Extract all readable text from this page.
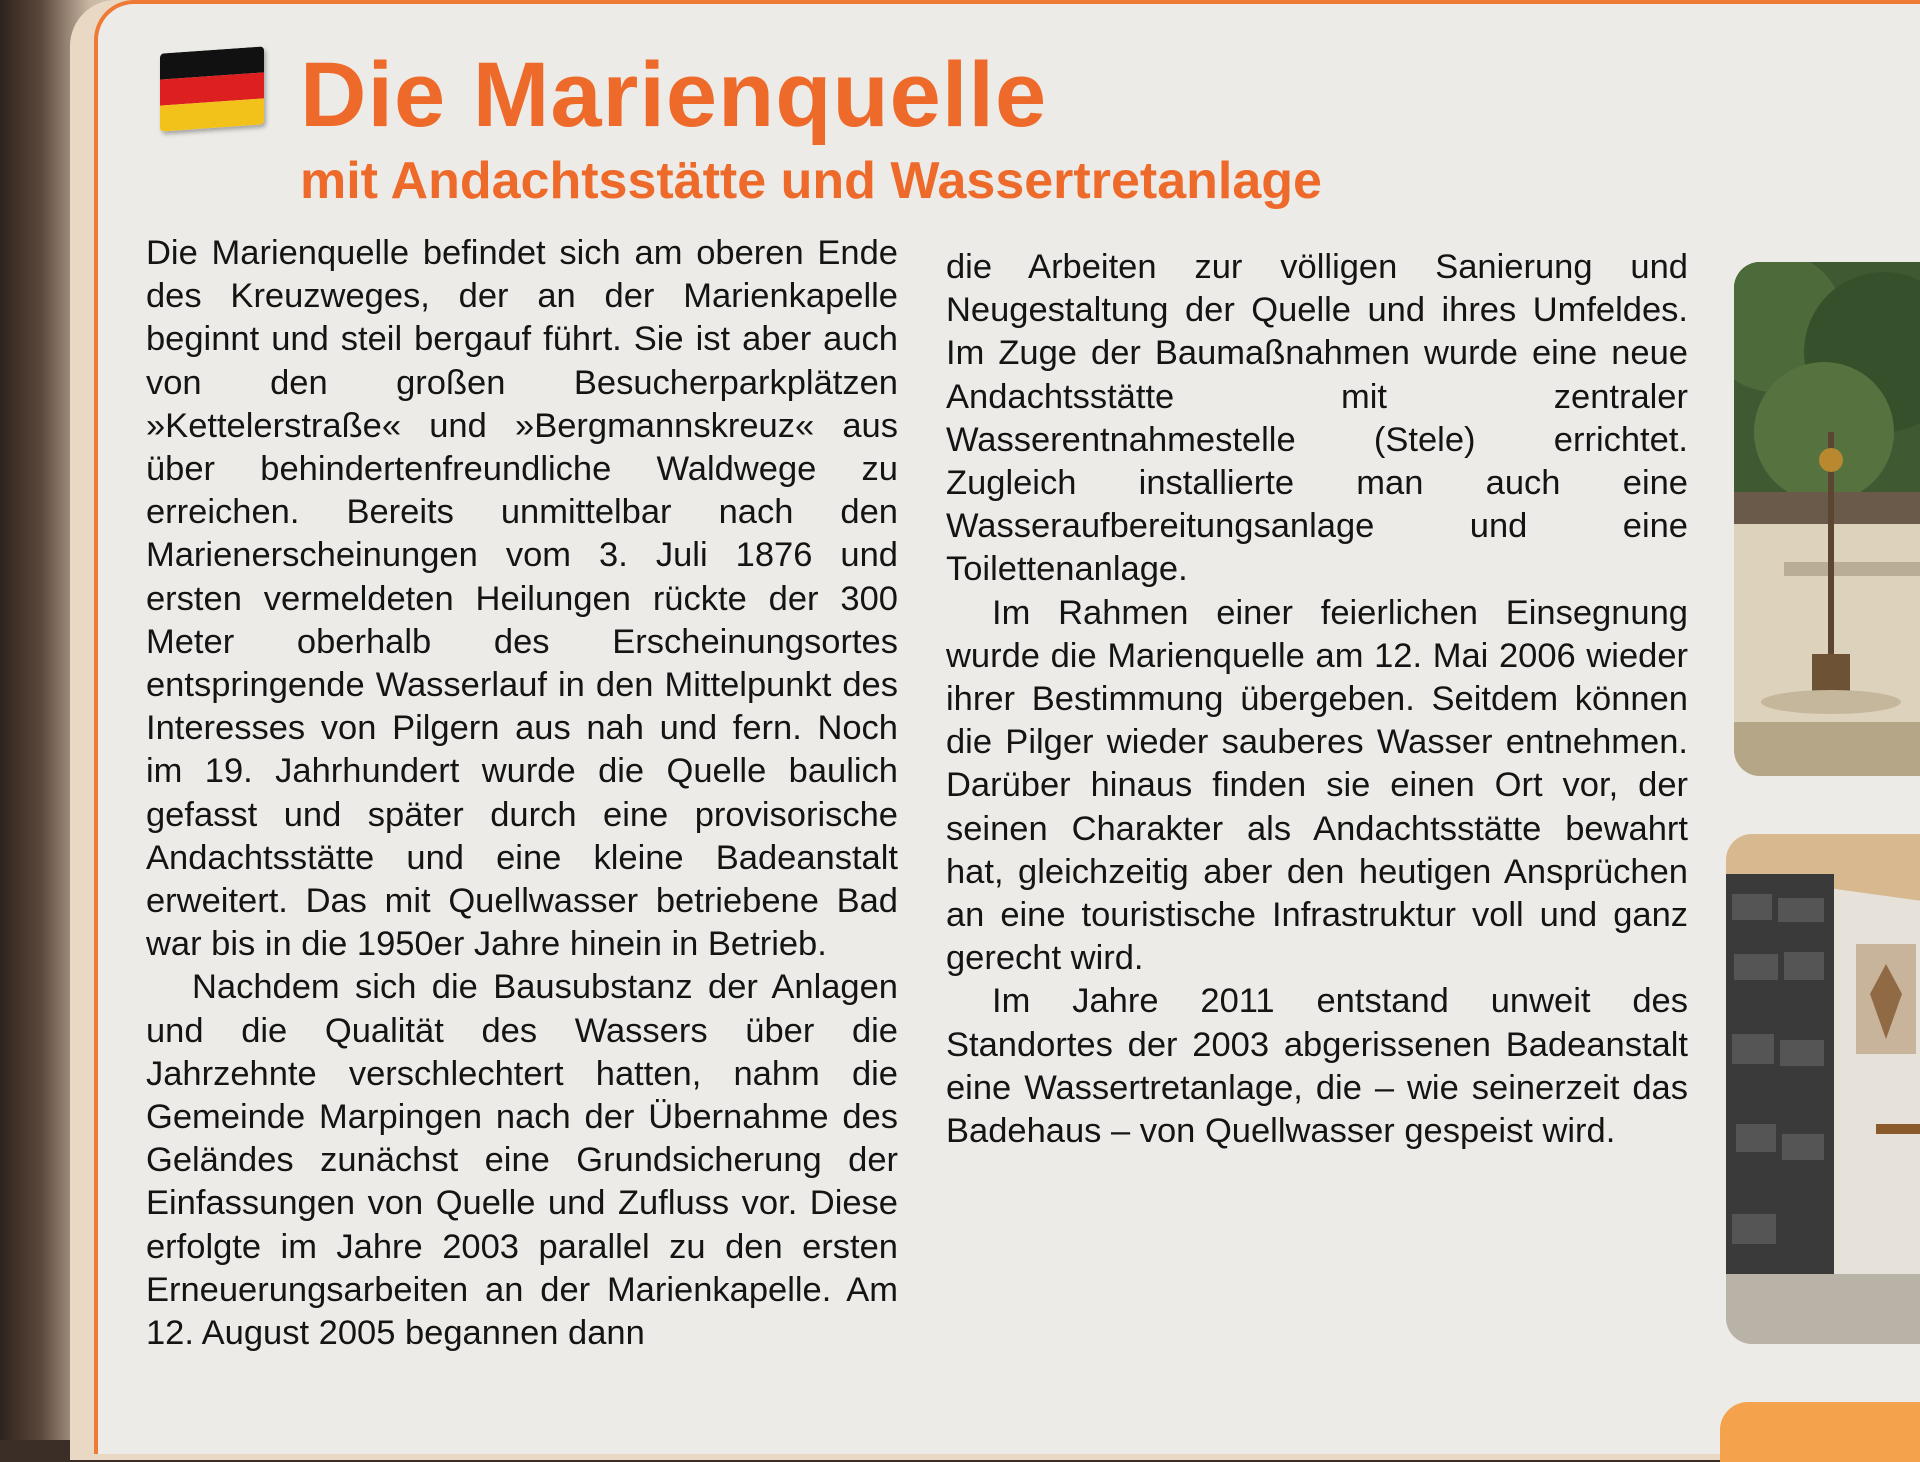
Die Marienquelle
mit Andachtsstätte und Wassertretanlage

Die Marienquelle befindet sich am oberen Ende des Kreuzweges, der an der Marienkapelle beginnt und steil bergauf führt. Sie ist aber auch von den großen Besucherparkplätzen »Kettelerstraße« und »Bergmannskreuz« aus über behindertenfreundliche Waldwege zu erreichen. Bereits unmittelbar nach den Marienerscheinungen vom 3. Juli 1876 und ersten vermeldeten Heilungen rückte der 300 Meter oberhalb des Erscheinungsortes entspringende Wasserlauf in den Mittelpunkt des Interesses von Pilgern aus nah und fern. Noch im 19. Jahrhundert wurde die Quelle baulich gefasst und später durch eine provisorische Andachtsstätte und eine kleine Badeanstalt erweitert. Das mit Quellwasser betriebene Bad war bis in die 1950er Jahre hinein in Betrieb.

Nachdem sich die Bausubstanz der Anlagen und die Qualität des Wassers über die Jahrzehnte verschlechtert hatten, nahm die Gemeinde Marpingen nach der Übernahme des Geländes zunächst eine Grundsicherung der Einfassungen von Quelle und Zufluss vor. Diese erfolgte im Jahre 2003 parallel zu den ersten Erneuerungsarbeiten an der Marienkapelle. Am 12. August 2005 begannen dann

die Arbeiten zur völligen Sanierung und Neugestaltung der Quelle und ihres Umfeldes. Im Zuge der Baumaßnahmen wurde eine neue Andachtsstätte mit zentraler Wasserentnahmestelle (Stele) errichtet. Zugleich installierte man auch eine Wasseraufbereitungsanlage und eine Toilettenanlage.

Im Rahmen einer feierlichen Einsegnung wurde die Marienquelle am 12. Mai 2006 wieder ihrer Bestimmung übergeben. Seitdem können die Pilger wieder sauberes Wasser entnehmen. Darüber hinaus finden sie einen Ort vor, der seinen Charakter als Andachtsstätte bewahrt hat, gleichzeitig aber den heutigen Ansprüchen an eine touristische Infrastruktur voll und ganz gerecht wird.

Im Jahre 2011 entstand unweit des Standortes der 2003 abgerissenen Badeanstalt eine Wassertretanlage, die – wie seinerzeit das Badehaus – von Quellwasser gespeist wird.
